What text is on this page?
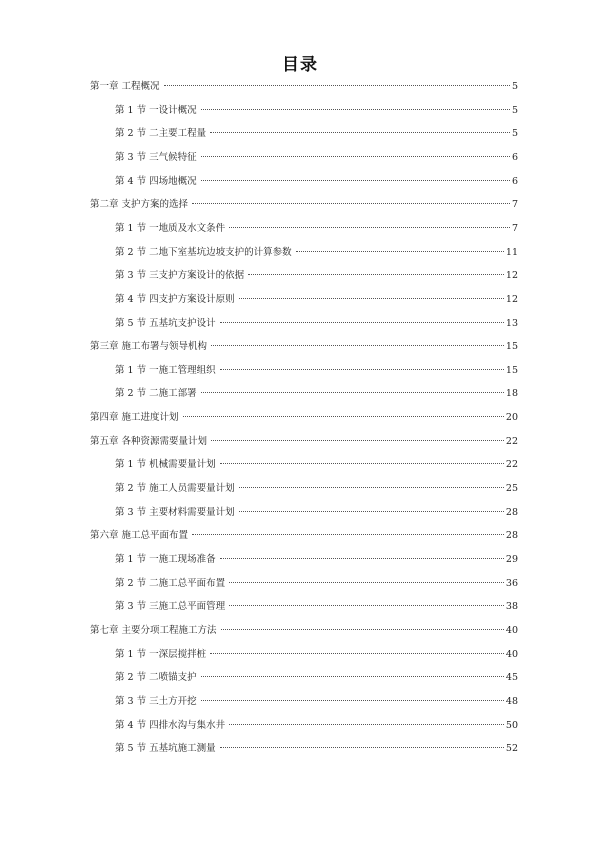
目录
第一章 工程概况	5
第 1 节 一设计概况	5
第 2 节 二主要工程量	5
第 3 节 三气候特征	6
第 4 节 四场地概况	6
第二章 支护方案的选择	7
第 1 节 一地质及水文条件	7
第 2 节 二地下室基坑边坡支护的计算参数	11
第 3 节 三支护方案设计的依据	12
第 4 节 四支护方案设计原则	12
第 5 节 五基坑支护设计	13
第三章 施工布署与领导机构	15
第 1 节 一施工管理组织	15
第 2 节 二施工部署	18
第四章 施工进度计划	20
第五章 各种资源需要量计划	22
第 1 节 机械需要量计划	22
第 2 节 施工人员需要量计划	25
第 3 节 主要材料需要量计划	28
第六章 施工总平面布置	28
第 1 节 一施工现场准备	29
第 2 节 二施工总平面布置	36
第 3 节 三施工总平面管理	38
第七章 主要分项工程施工方法	40
第 1 节 一深层搅拌桩	40
第 2 节 二喷锚支护	45
第 3 节 三土方开挖	48
第 4 节 四排水沟与集水井	50
第 5 节 五基坑施工测量	52
